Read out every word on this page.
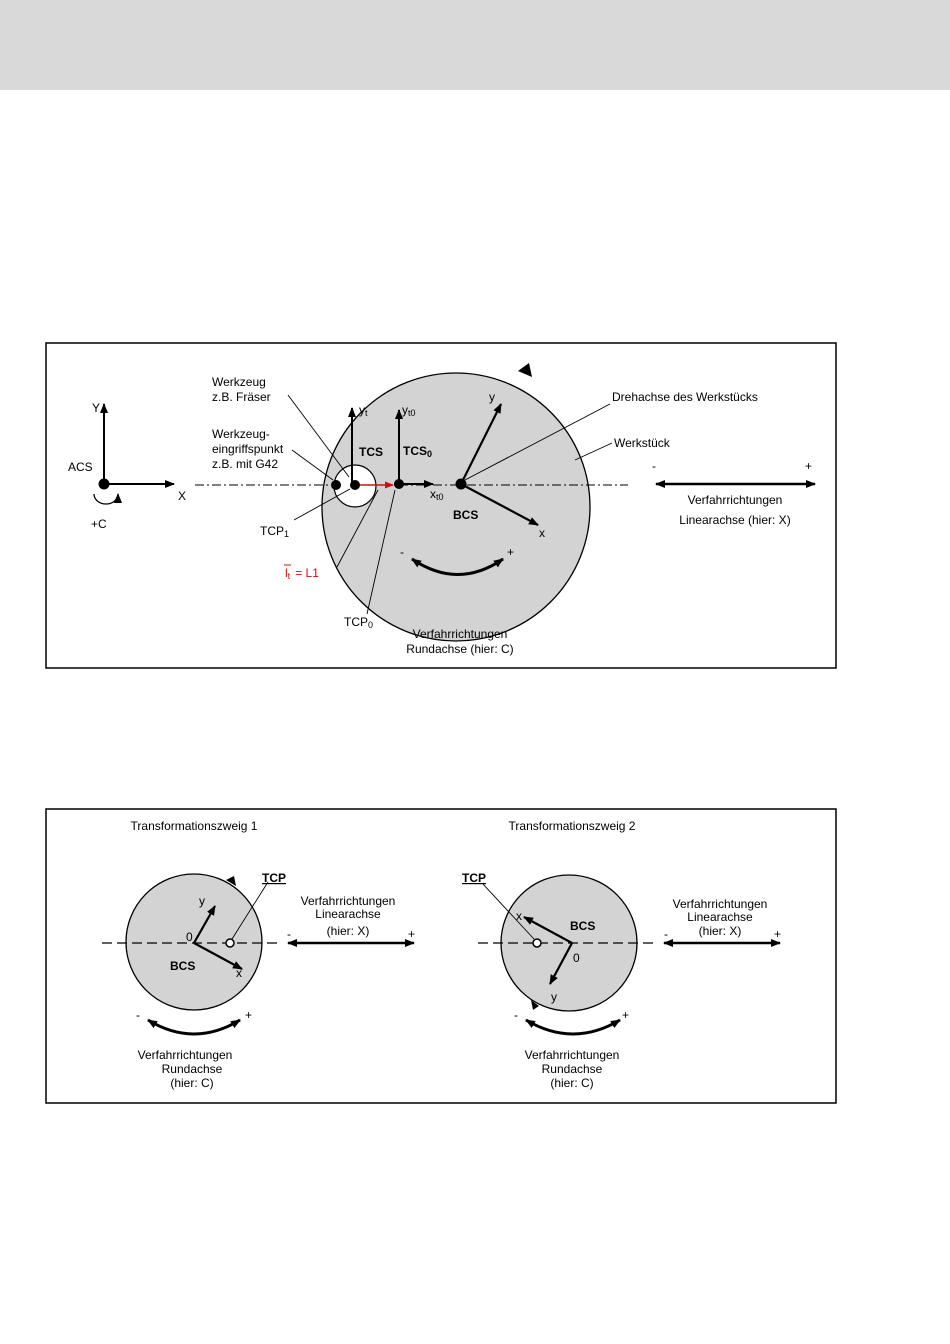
ACS
Y
X
+C
Werkzeug
z.B. Fräser
Werkzeug-
eingriffspunkt
z.B. mit G42
yt	yt0
TCS TCS0
xt0
TCP1
lt = L1
TCP0
BCS
y
x
Drehachse des Werkstücks
Werkstück
-	+
-	+
Verfahrrichtungen
Linearachse (hier: X)
Verfahrrichtungen
Rundachse (hier: C)
Transformationszweig 1	Transformationszweig 2
TCP
y
0
x
BCS
-	+
Verfahrrichtungen
Linearachse
(hier: X)
-	+
Verfahrrichtungen
Rundachse
(hier: C)
TCP
x
BCS
0
y
-	+
Verfahrrichtungen
Linearachse
(hier: X)
-	+
Verfahrrichtungen
Rundachse
(hier: C)
